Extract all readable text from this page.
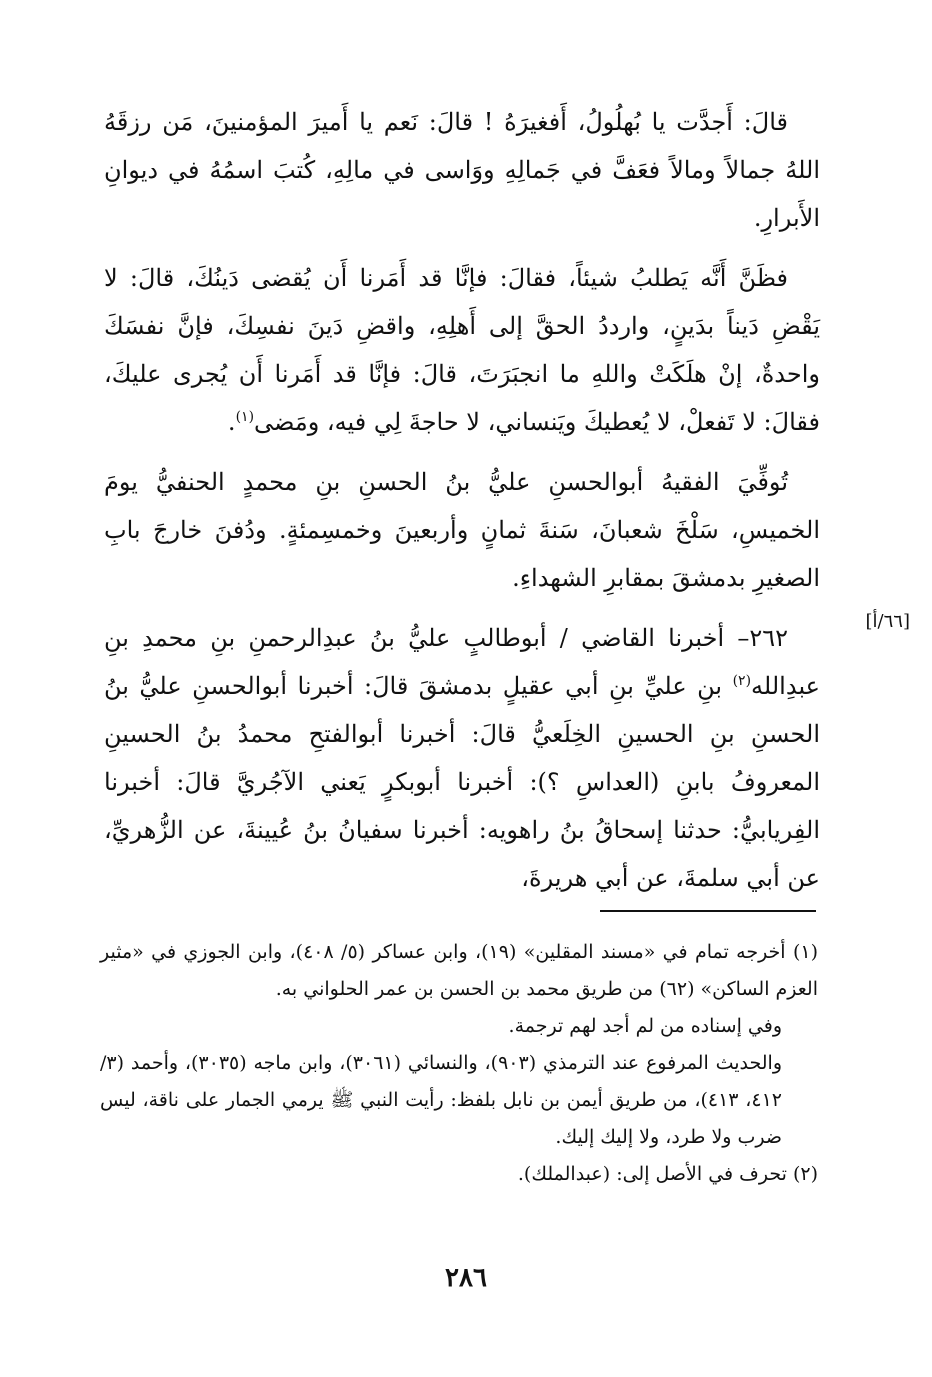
قالَ: أَجدَّت يا بُهلُولُ، أَفغيرَهُ ! قالَ: نَعم يا أَميرَ المؤمنينَ، مَن رزقَهُ اللهُ جمالاً ومالاً فعَفَّ في جَمالِهِ ووَاسى في مالِهِ، كُتبَ اسمُهُ في ديوانِ الأَبرارِ.

فظَنَّ أَنَّه يَطلبُ شيئاً، فقالَ: فإنَّا قد أَمَرنا أَن يُقضى دَينُكَ، قالَ: لا يَقْضِ دَيناً بدَينٍ، وارددُ الحقَّ إلى أَهلِهِ، واقضِ دَينَ نفسِكَ، فإنَّ نفسَكَ واحدةٌ، إنْ هلَكَتْ واللهِ ما انجبَرَتَ، قالَ: فإنَّا قد أَمَرنا أَن يُجرى عليكَ، فقالَ: لا تَفعلْ، لا يُعطيكَ ويَنساني، لا حاجةَ لِي فيه، ومَضى$^{(١)}$.

تُوفِّيَ الفقيهُ أبوالحسنِ عليُّ بنُ الحسنِ بنِ محمدٍ الحنفيُّ يومَ الخميسِ، سَلْخَ شعبانَ، سَنةَ ثمانٍ وأربعينَ وخمسِمئةٍ. ودُفنَ خارجَ بابِ الصغيرِ بدمشقَ بمقابرِ الشهداءِ.

٢٦٢– أخبرنا القاضي / أبوطالبٍ عليُّ بنُ عبدِالرحمنِ بنِ محمدِ بنِ عبدِالله$^{(٢)}$ بنِ عليِّ بنِ أبي عقيلٍ بدمشقَ قالَ: أخبرنا أبوالحسنِ عليُّ بنُ الحسنِ بنِ الحسينِ الخِلَعيُّ قالَ: أخبرنا أبوالفتحِ محمدُ بنُ الحسينِ المعروفُ بابنِ (العداسِ ؟): أخبرنا أبوبكرٍ يَعني الآجُريَّ قالَ: أخبرنا الفِريابيُّ: حدثنا إسحاقُ بنُ راهويه: أخبرنا سفيانُ بنُ عُيينةَ، عن الزُّهريِّ، عن أبي سلمةَ، عن أبي هريرةَ،

[٦٦/أ]

(١) أخرجه تمام في «مسند المقلين» (١٩)، وابن عساكر (٥/ ٤٠٨)، وابن الجوزي في «مثير العزم الساكن» (٦٢) من طريق محمد بن الحسن بن عمر الحلواني به.

وفي إسناده من لم أجد لهم ترجمة.

والحديث المرفوع عند الترمذي (٩٠٣)، والنسائي (٣٠٦١)، وابن ماجه (٣٠٣٥)، وأحمد (٣/ ٤١٢، ٤١٣)، من طريق أيمن بن نابل بلفظ: رأيت النبي ﷺ يرمي الجمار على ناقة، ليس ضرب ولا طرد، ولا إليك إليك.

(٢) تحرف في الأصل إلى: (عبدالملك).

٢٨٦
